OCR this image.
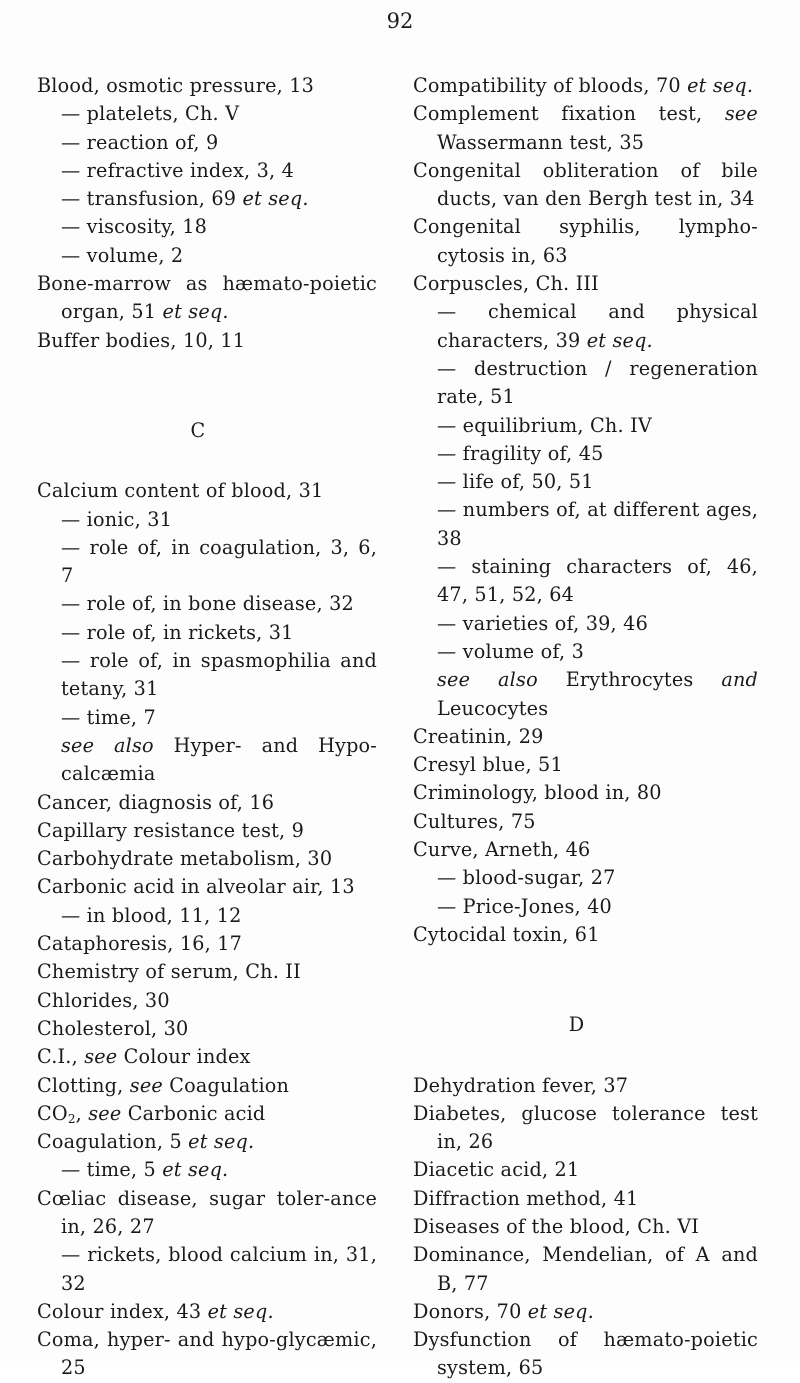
92

Blood, osmotic pressure, 13

— platelets, Ch. V

— reaction of, 9

— refractive index, 3, 4

— transfusion, 69 et seq.

— viscosity, 18

— volume, 2

Bone-marrow as hæmato-poietic organ, 51 et seq.

Buffer bodies, 10, 11

C

Calcium content of blood, 31

— ionic, 31

— role of, in coagulation, 3, 6, 7

— role of, in bone disease, 32

— role of, in rickets, 31

— role of, in spasmophilia and tetany, 31

— time, 7

see also Hyper- and Hypo-calcæmia

Cancer, diagnosis of, 16

Capillary resistance test, 9

Carbohydrate metabolism, 30

Carbonic acid in alveolar air, 13

— in blood, 11, 12

Cataphoresis, 16, 17

Chemistry of serum, Ch. II

Chlorides, 30

Cholesterol, 30

C.I., see Colour index

Clotting, see Coagulation

$CO_2$, see Carbonic acid

Coagulation, 5 et seq.

— time, 5 et seq.

Cœliac disease, sugar toler-ance in, 26, 27

— rickets, blood calcium in, 31, 32

Colour index, 43 et seq.

Coma, hyper- and hypo-glycæmic, 25

Compatibility of bloods, 70 et seq.

Complement fixation test, see Wassermann test, 35

Congenital obliteration of bile ducts, van den Bergh test in, 34

Congenital syphilis, lympho-cytosis in, 63

Corpuscles, Ch. III

— chemical and physical characters, 39 et seq.

— destruction / regeneration rate, 51

— equilibrium, Ch. IV

— fragility of, 45

— life of, 50, 51

— numbers of, at different ages, 38

— staining characters of, 46, 47, 51, 52, 64

— varieties of, 39, 46

— volume of, 3

see also Erythrocytes and Leucocytes

Creatinin, 29

Cresyl blue, 51

Criminology, blood in, 80

Cultures, 75

Curve, Arneth, 46

— blood-sugar, 27

— Price-Jones, 40

Cytocidal toxin, 61

D

Dehydration fever, 37

Diabetes, glucose tolerance test in, 26

Diacetic acid, 21

Diffraction method, 41

Diseases of the blood, Ch. VI

Dominance, Mendelian, of A and B, 77

Donors, 70 et seq.

Dysfunction of hæmato-poietic system, 65
